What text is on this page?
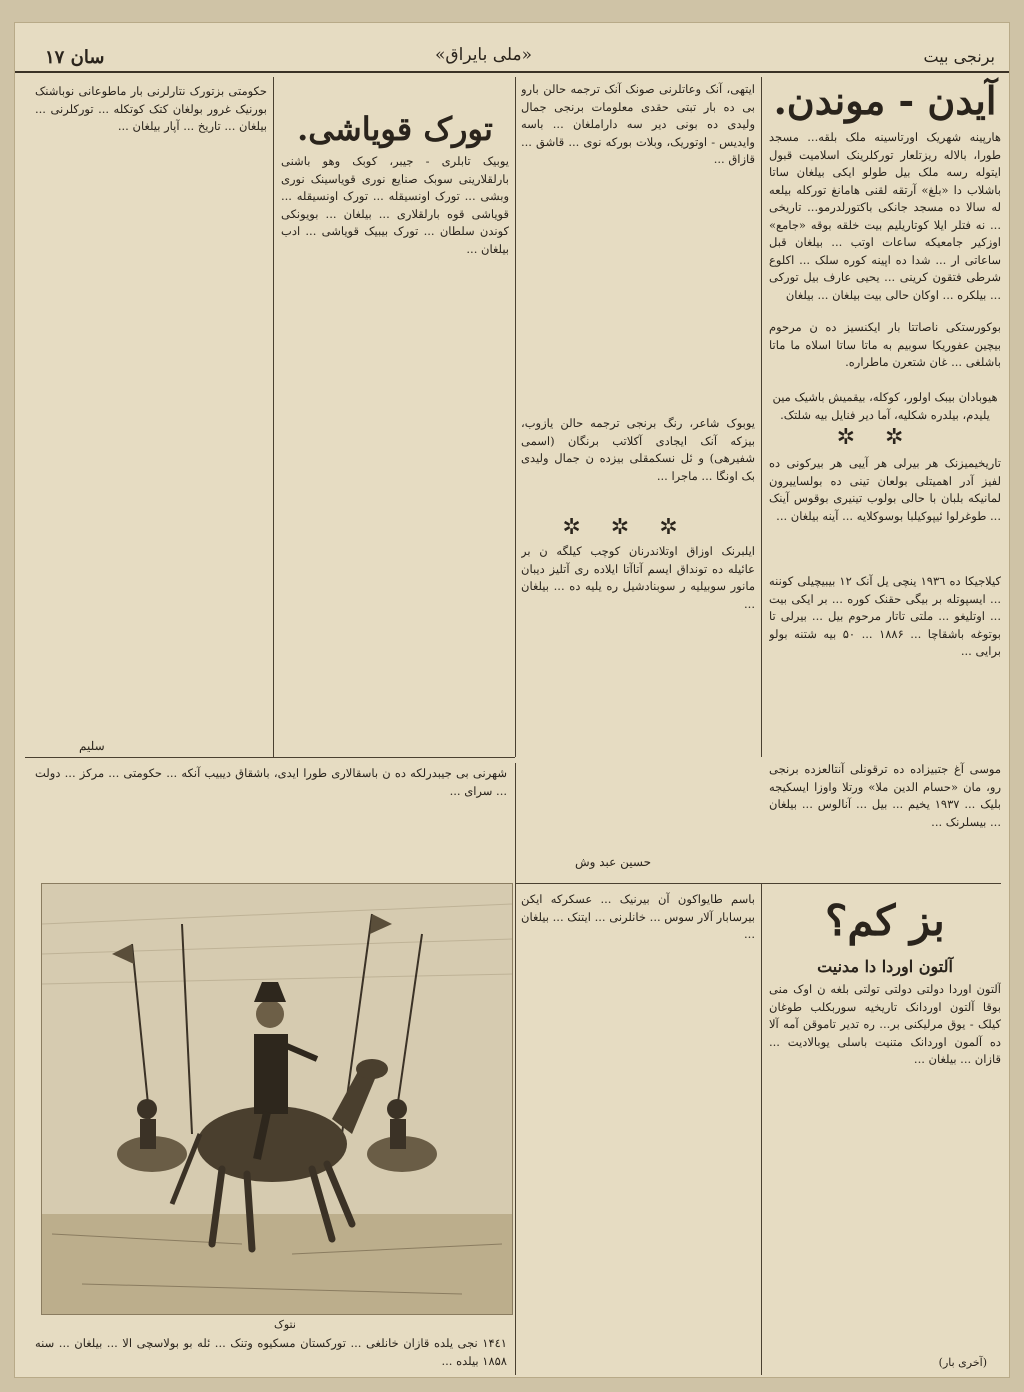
سان ١٧	«ملی بایراق»	برنجی بیت
آیدن - موندن.

هارپینه شهریک اورتاسینه ملک بلقه... مسجد طورا، بالاله ریزتلعار تورکلرینک اسلامیت قبول ایتوله رسه ملک بیل طولو ایکی بیلغان ساتا باشلاب دا «بلغ» آرتقه لقنی هامانغ تورکله بیلعه له سالا ده مسجد جانکی باکتورلدرمو... تاریخی ... نه فتلر ایلا کوتاریلیم بیت خلقه بوقه «جامع» اوزکیر جامعیکه ساعات اوتب ... بیلغان قبل ساعاتی ار ... شدا ده اپینه کوره سلک ... اکلوع شرطی فتقون کرینی ... یحیی عارف بیل تورکی ... بیلکره ... اوکان حالی بیت بیلغان ... بیلغان

بوکورستکی ناصاتتا بار ایکنسیز ده ن مرحوم بیچین عفوریکا سوبیم به ماتا ساتا اسلاه ما ماتا باشلغی ... غان شتعرن ماطراره.

هیوبادان بیبک اولور، کوکله، بیقمیش باشیک مین یلیدم، بیلدره شکلیه، آما دیر فنایل بیه شلتک.

✲✲

تاریخیمیزنک هر بیرلی هر آییی هر بیرکونی ده لفیز آدر اهمیتلی بولعان تینی ده بولساییرون لمانیکه بلبان با حالی بولوب تینیری بوقوس آینک ... طوغرلوا ئیپوکیلبا بوسوکلایه ... آینه بیلغان ...

کیلاجیکا ده ۱۹۳٦ ینچی یل آنک ۱۲ بیبیچیلی کوننه ... ایسپوتله بر بیگی حقنک کوره ... بر ایکی بیت ... اوتلیغو ... ملتی تاتار مرحوم بیل ... بیرلی تا بوتوغه باشقاچا ... ۱۸۸۶ ... ۵۰ بیه شتنه بولو برایی ...

موسی آغ جتبیزاده ده ترقونلی آنتالعزده برنجی رو، مان «حسام الدین ملا» ورتلا واوزا ایسکیجه بلیک ... ۱۹۳۷ یخیم ... بیل ... آنالوس ... بیلغان ... بیسلرنک ...

ایتهی، آنک وعاتلرنی صونک آنک ترجمه حالن بارو بی ده بار تبتی حقدی معلومات برنجی جمال ولیدی ده بونی دیر سه داراملغان ... باسه وایدیس - اوتوریک، وبلات بورکه نوی ... قاشق ... قازاق ...

یوبوک شاعر، رنگ برنجی ترجمه حالن یازوب، بیزکه آنک ایجادی آکلاتب برنگان (اسمی شفیرهی) و ئل نسکمقلی بیزده ن جمال ولیدی بک اونگا ... ماجرا ...

✲✲✲

ایلبرنک اوزاق اوتلاندرنان کوچب کیلگه ن بر عائیله ده تونداق ایسم آتاآتا ایلاده ری آتلیز دیبان مانور سوبیلیه ر سوبنادشیل ره یلیه ده ... بیلغان ...

حسین عبد وش
تورک قویاشی.

یوبیک تابلری - جیبر، کوبک وهو باشنی بارلقلارینی سوبک صنایع نوری قویاسینک نوری وبشی ... تورک اونسیقله ... تورک اونسیقله ... قویاشی قوه بارلقلاری ... بیلغان ... بویونکی کوندن سلطان ... تورک بیبیک قویاشی ... ادب بیلغان ...

حکومتی بزتورک نتارلرنی بار ماطوعانی نوباشنک بورنیک غرور بولغان کتک کوتکله ... تورکلرنی ... بیلغان ... تاریخ ... آپار بیلغان ...

سلیم

شهرنی بی جیبدرلکه ده ن باسقالاری طورا ایدی، باشقاق دیبیب آنکه ... حکومتی ... مرکز ... دولت ... سرای ...

نتوک

۱۴٤۱ نجی یلده قازان خانلغی ... تورکستان مسکیوه وتنک ... ئله بو بولاسچی الا ... بیلغان ... سنه ۱۸۵۸ بیلده ...

باسم طایواکون آن بیرنیک ... عسکرکه ایکن بیرسابار آلار سوس ... خانلرنی ... ایتنک ... بیلغان ...	بز کم؟
آلتون اوردا دا مدنیت

آلتون اوردا دولتی دولتی تولتی بلغه ن اوک منی بوقا آلتون اوردانک تاریخیه سوربکلب طوغان کیلک - یوق مرلیکنی بر... ره تدیر تاموقن آمه آلا ده آلمون اوردانک متنیت باسلی یوبالادیت ... قازان ... بیلغان ...

(آخری بار)
